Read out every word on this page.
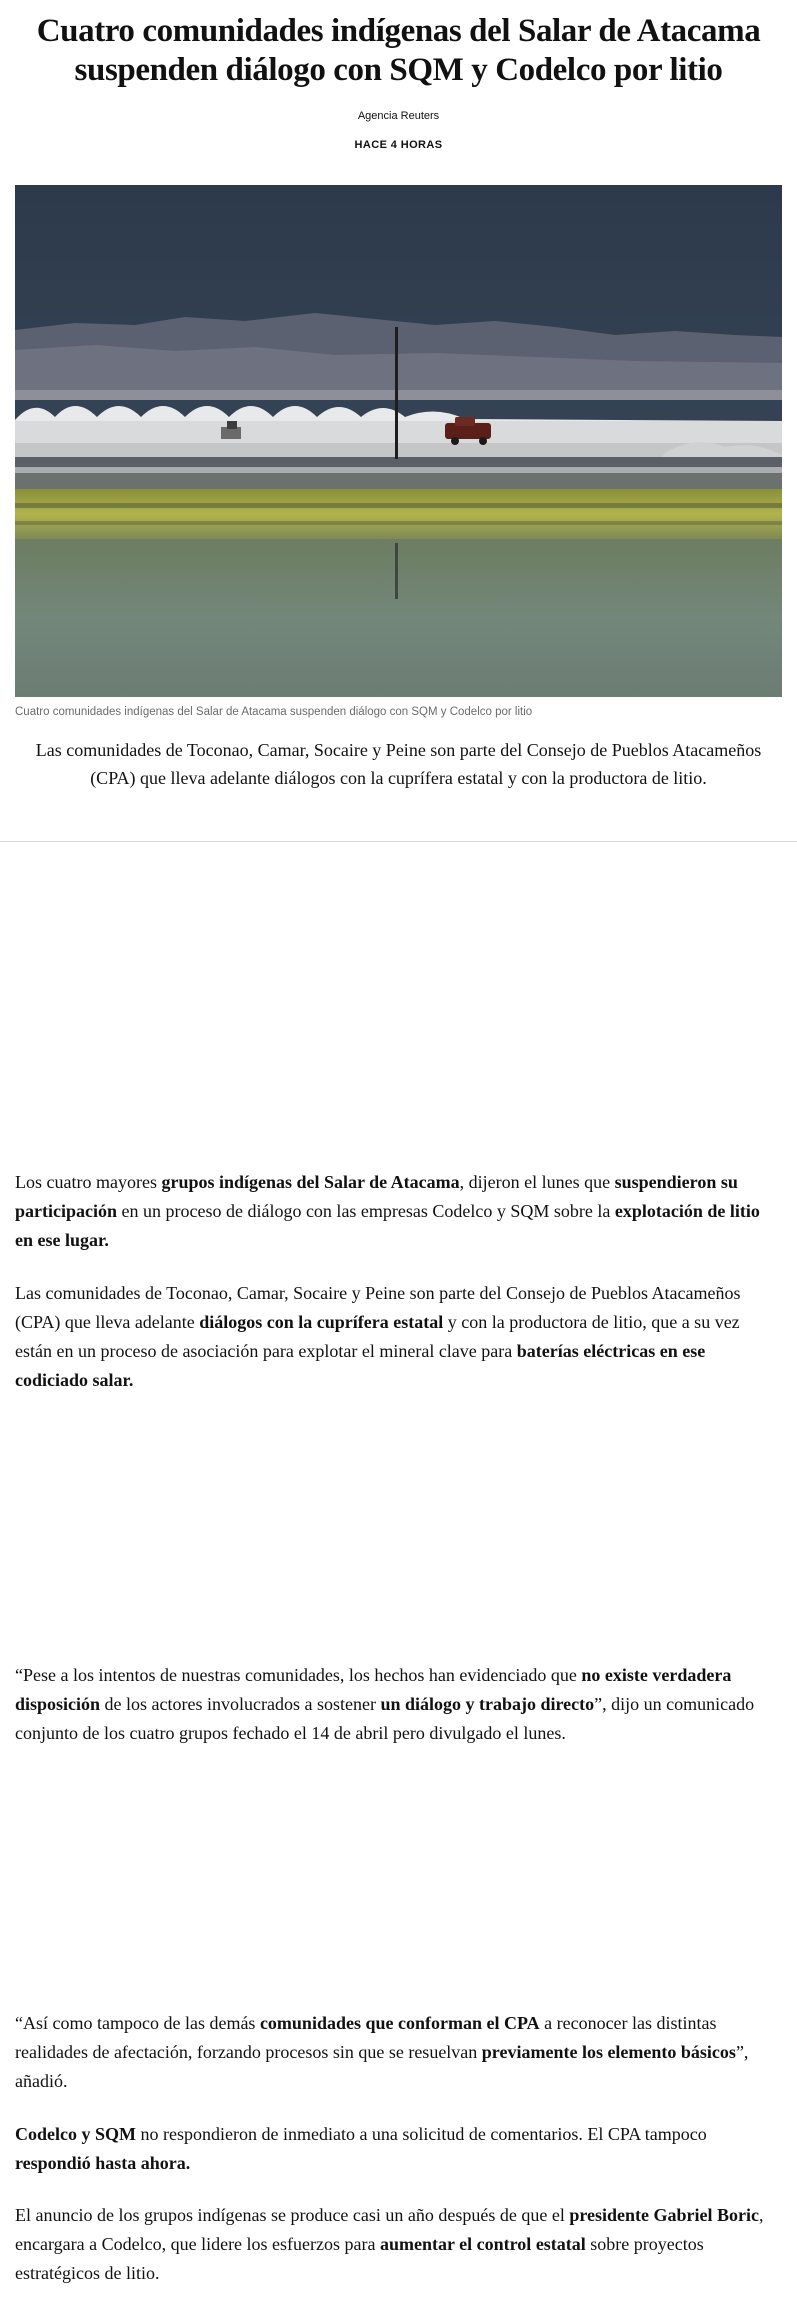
Cuatro comunidades indígenas del Salar de Atacama suspenden diálogo con SQM y Codelco por litio
Agencia Reuters
HACE 4 HORAS
Cuatro comunidades indígenas del Salar de Atacama suspenden diálogo con SQM y Codelco por litio

Las comunidades de Toconao, Camar, Socaire y Peine son parte del Consejo de Pueblos Atacameños (CPA) que lleva adelante diálogos con la cuprífera estatal y con la productora de litio.

Los cuatro mayores grupos indígenas del Salar de Atacama, dijeron el lunes que suspendieron su participación en un proceso de diálogo con las empresas Codelco y SQM sobre la explotación de litio en ese lugar.

Las comunidades de Toconao, Camar, Socaire y Peine son parte del Consejo de Pueblos Atacameños (CPA) que lleva adelante diálogos con la cuprífera estatal y con la productora de litio, que a su vez están en un proceso de asociación para explotar el mineral clave para baterías eléctricas en ese codiciado salar.

“Pese a los intentos de nuestras comunidades, los hechos han evidenciado que no existe verdadera disposición de los actores involucrados a sostener un diálogo y trabajo directo”, dijo un comunicado conjunto de los cuatro grupos fechado el 14 de abril pero divulgado el lunes.

“Así como tampoco de las demás comunidades que conforman el CPA a reconocer las distintas realidades de afectación, forzando procesos sin que se resuelvan previamente los elemento básicos”, añadió.

Codelco y SQM no respondieron de inmediato a una solicitud de comentarios. El CPA tampoco respondió hasta ahora.

El anuncio de los grupos indígenas se produce casi un año después de que el presidente Gabriel Boric, encargara a Codelco, que lidere los esfuerzos para aumentar el control estatal sobre proyectos estratégicos de litio.
